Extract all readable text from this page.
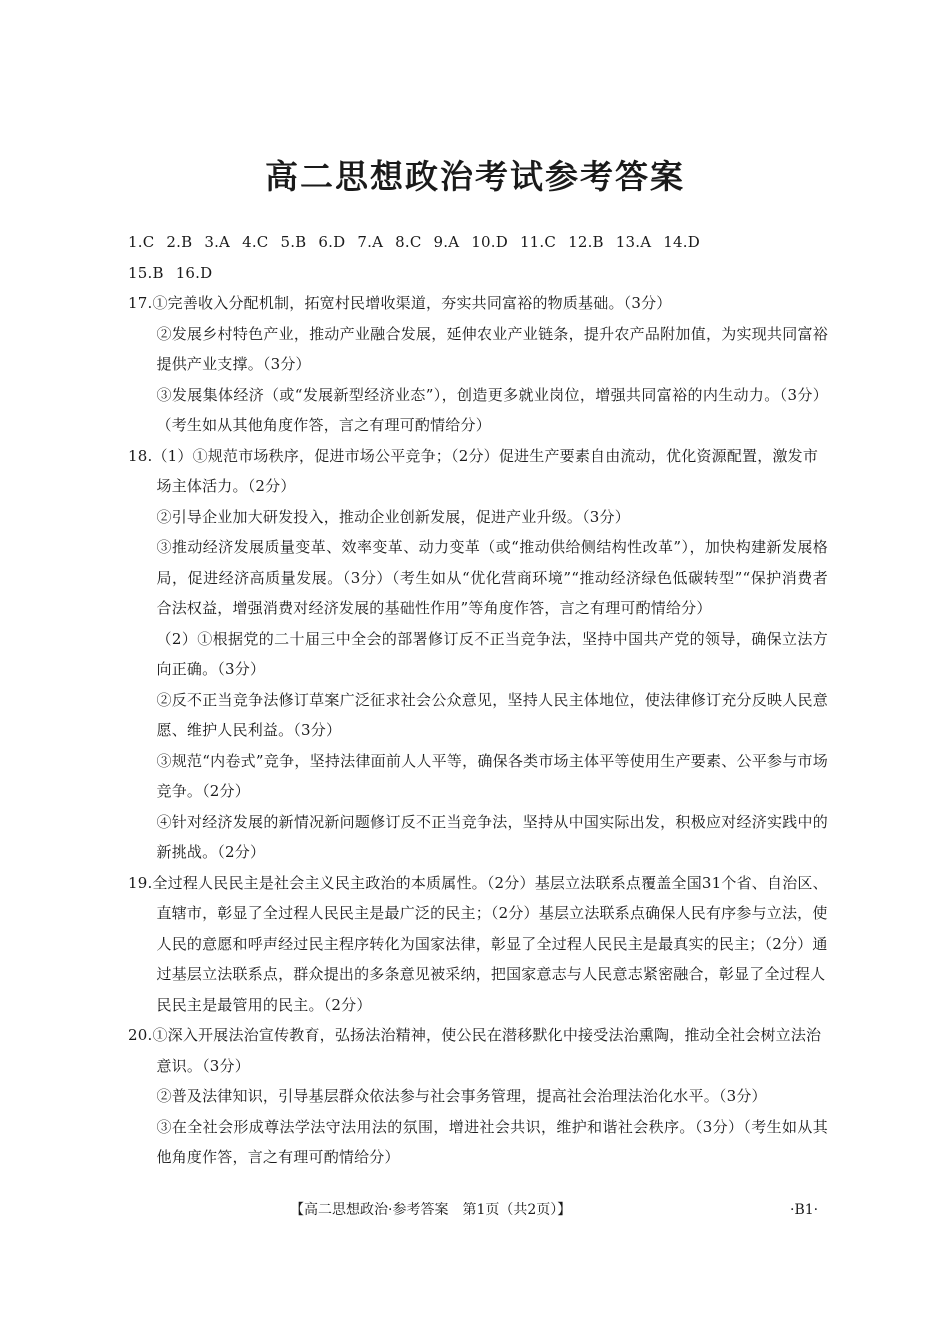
高二思想政治考试参考答案
1.C 2.B 3.A 4.C 5.B 6.D 7.A 8.C 9.A 10.D 11.C 12.B 13.A 14.D
15.B 16.D

17.①完善收入分配机制，拓宽村民增收渠道，夯实共同富裕的物质基础。（3分）

②发展乡村特色产业，推动产业融合发展，延伸农业产业链条，提升农产品附加值，为实现共同富裕提供产业支撑。（3分）

③发展集体经济（或“发展新型经济业态”），创造更多就业岗位，增强共同富裕的内生动力。（3分）（考生如从其他角度作答，言之有理可酌情给分）

18.（1）①规范市场秩序，促进市场公平竞争；（2分）促进生产要素自由流动，优化资源配置，激发市场主体活力。（2分）

②引导企业加大研发投入，推动企业创新发展，促进产业升级。（3分）

③推动经济发展质量变革、效率变革、动力变革（或“推动供给侧结构性改革”），加快构建新发展格局，促进经济高质量发展。（3分）（考生如从“优化营商环境”“推动经济绿色低碳转型”“保护消费者合法权益，增强消费对经济发展的基础性作用”等角度作答，言之有理可酌情给分）

（2）①根据党的二十届三中全会的部署修订反不正当竞争法，坚持中国共产党的领导，确保立法方向正确。（3分）

②反不正当竞争法修订草案广泛征求社会公众意见，坚持人民主体地位，使法律修订充分反映人民意愿、维护人民利益。（3分）

③规范“内卷式”竞争，坚持法律面前人人平等，确保各类市场主体平等使用生产要素、公平参与市场竞争。（2分）

④针对经济发展的新情况新问题修订反不正当竞争法，坚持从中国实际出发，积极应对经济实践中的新挑战。（2分）

19.全过程人民民主是社会主义民主政治的本质属性。（2分）基层立法联系点覆盖全国31个省、自治区、直辖市，彰显了全过程人民民主是最广泛的民主；（2分）基层立法联系点确保人民有序参与立法，使人民的意愿和呼声经过民主程序转化为国家法律，彰显了全过程人民民主是最真实的民主；（2分）通过基层立法联系点，群众提出的多条意见被采纳，把国家意志与人民意志紧密融合，彰显了全过程人民民主是最管用的民主。（2分）

20.①深入开展法治宣传教育，弘扬法治精神，使公民在潜移默化中接受法治熏陶，推动全社会树立法治意识。（3分）

②普及法律知识，引导基层群众依法参与社会事务管理，提高社会治理法治化水平。（3分）

③在全社会形成尊法学法守法用法的氛围，增进社会共识，维护和谐社会秩序。（3分）（考生如从其他角度作答，言之有理可酌情给分）

【高二思想政治·参考答案　第1页（共2页）】	·B1·
